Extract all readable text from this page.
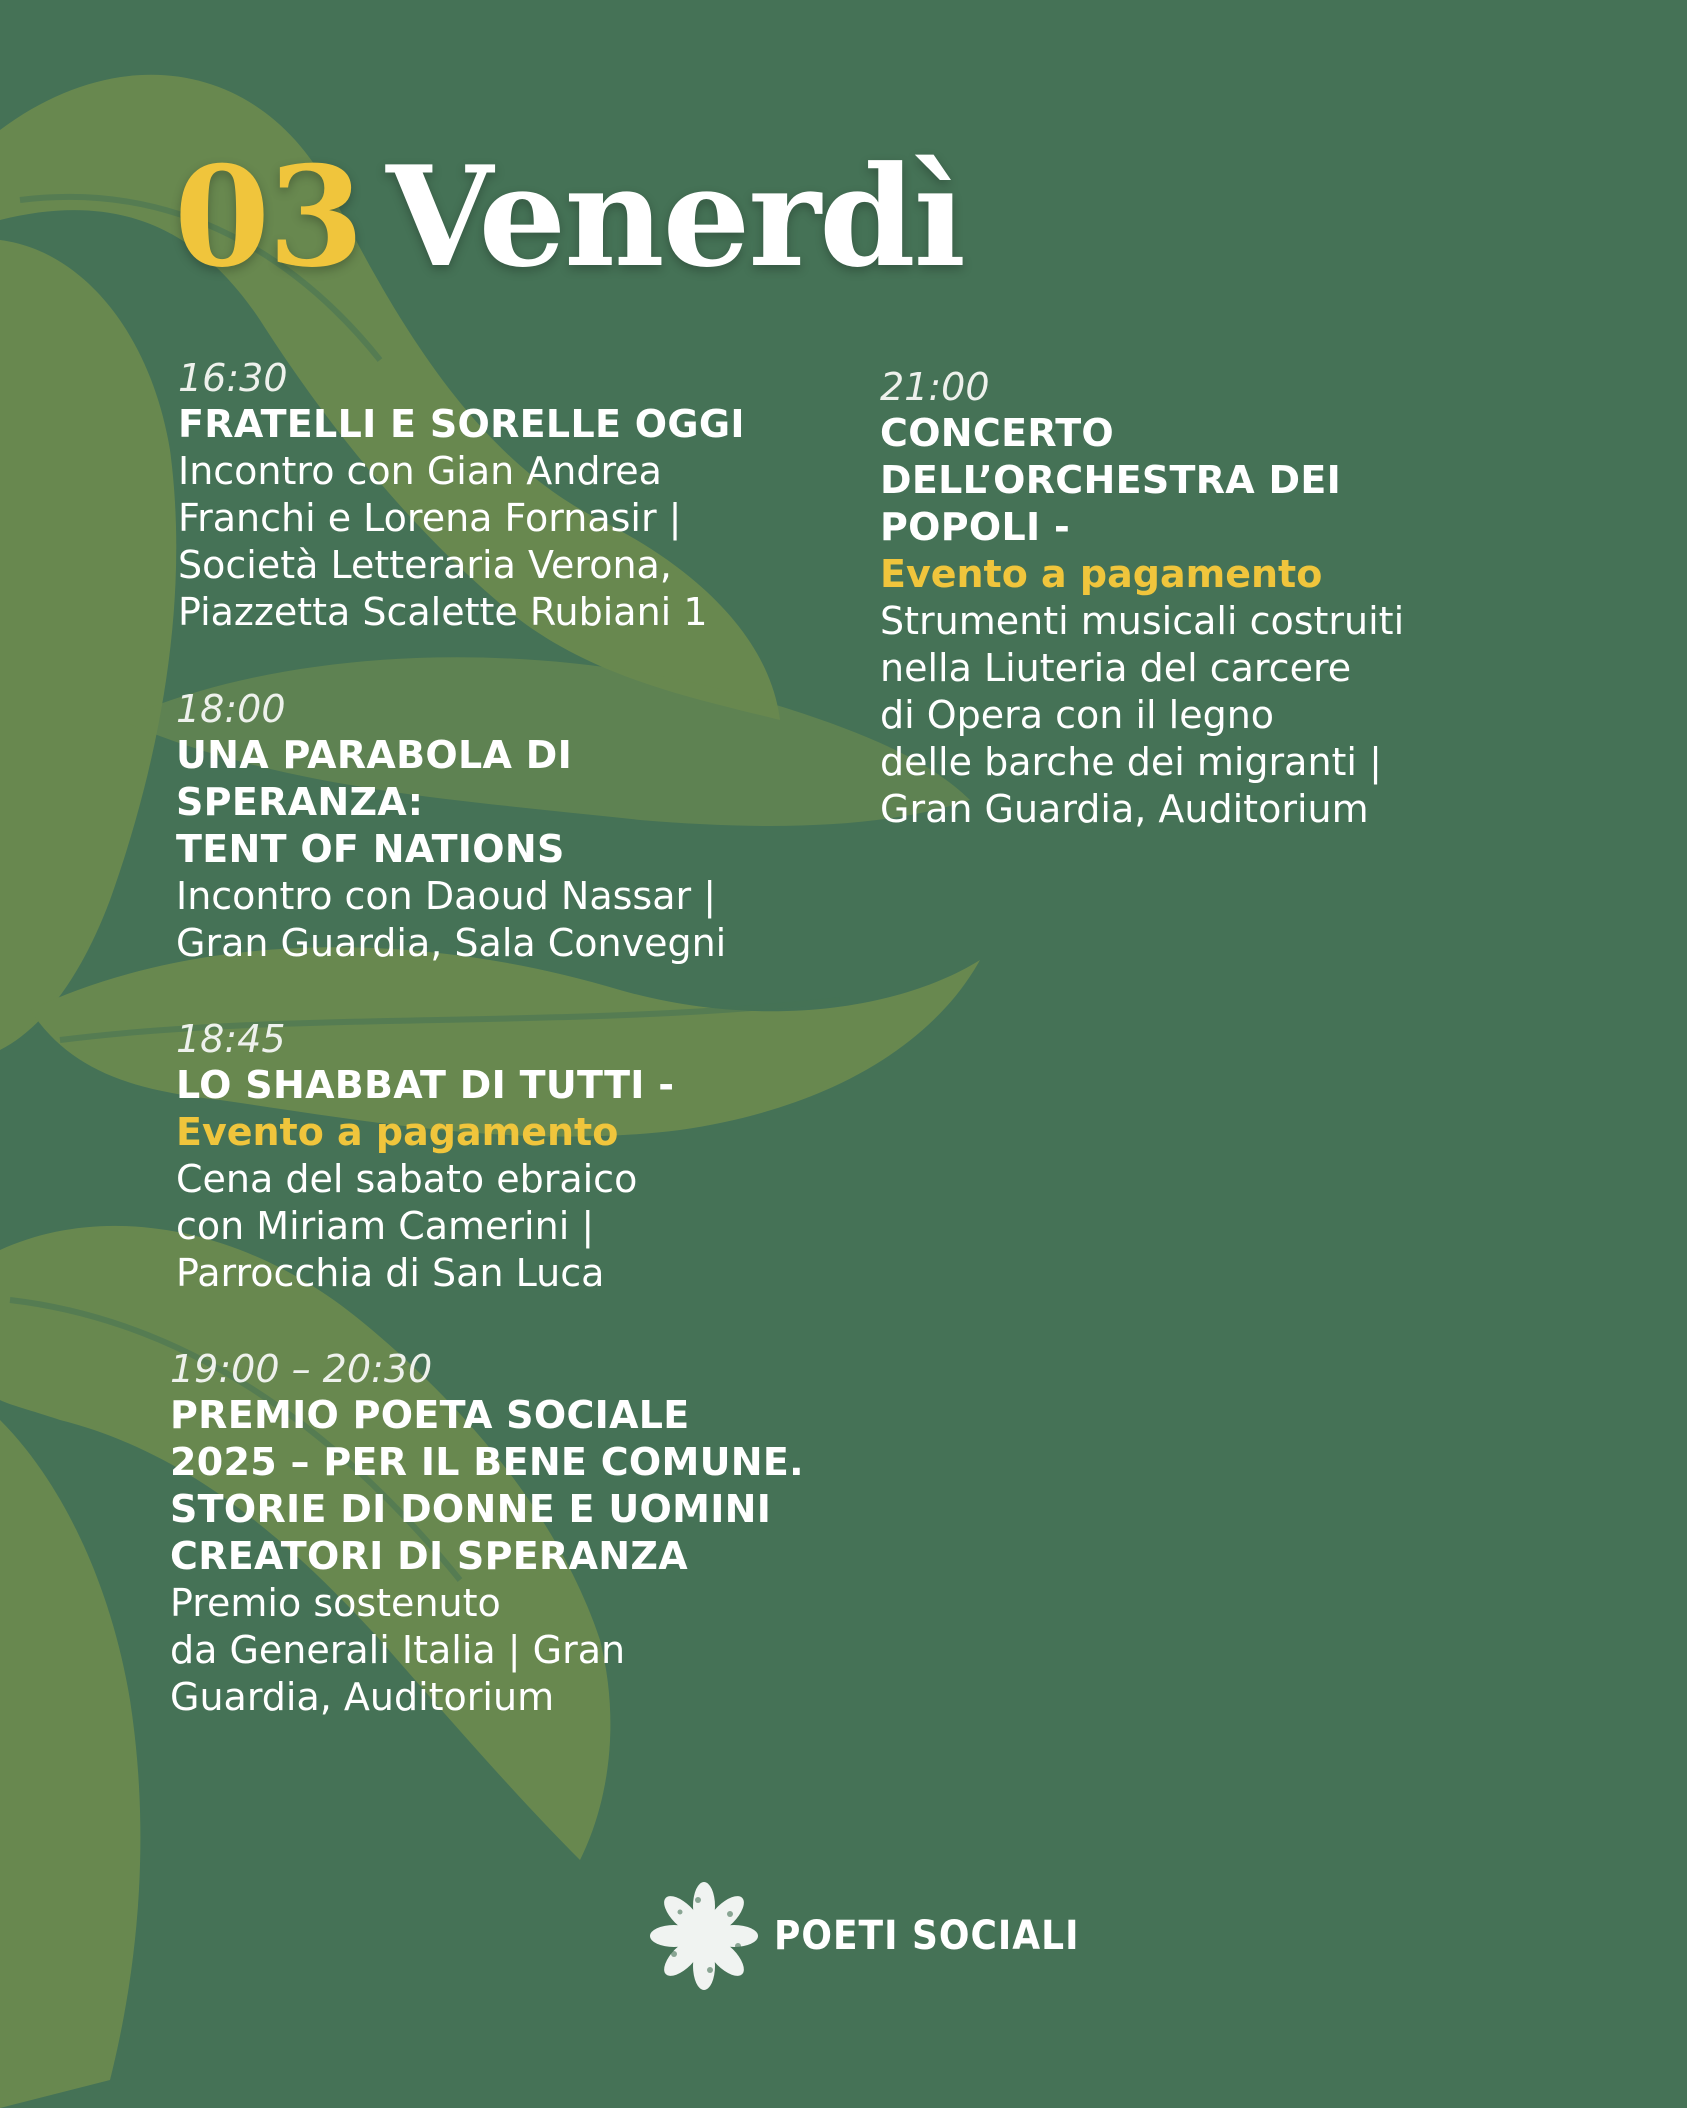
03 Venerdì
16:30
FRATELLI E SORELLE OGGI
Incontro con Gian Andrea
Franchi e Lorena Fornasir |
Società Letteraria Verona,
Piazzetta Scalette Rubiani 1
18:00
UNA PARABOLA DI
SPERANZA:
TENT OF NATIONS
Incontro con Daoud Nassar |
Gran Guardia, Sala Convegni
18:45
LO SHABBAT DI TUTTI -
Evento a pagamento
Cena del sabato ebraico
con Miriam Camerini |
Parrocchia di San Luca
19:00 – 20:30
PREMIO POETA SOCIALE
2025 – PER IL BENE COMUNE.
STORIE DI DONNE E UOMINI
CREATORI DI SPERANZA
Premio sostenuto
da Generali Italia | Gran
Guardia, Auditorium
21:00
CONCERTO
DELL’ORCHESTRA DEI
POPOLI -
Evento a pagamento
Strumenti musicali costruiti
nella Liuteria del carcere
di Opera con il legno
delle barche dei migranti |
Gran Guardia, Auditorium
POETI SOCIALI
